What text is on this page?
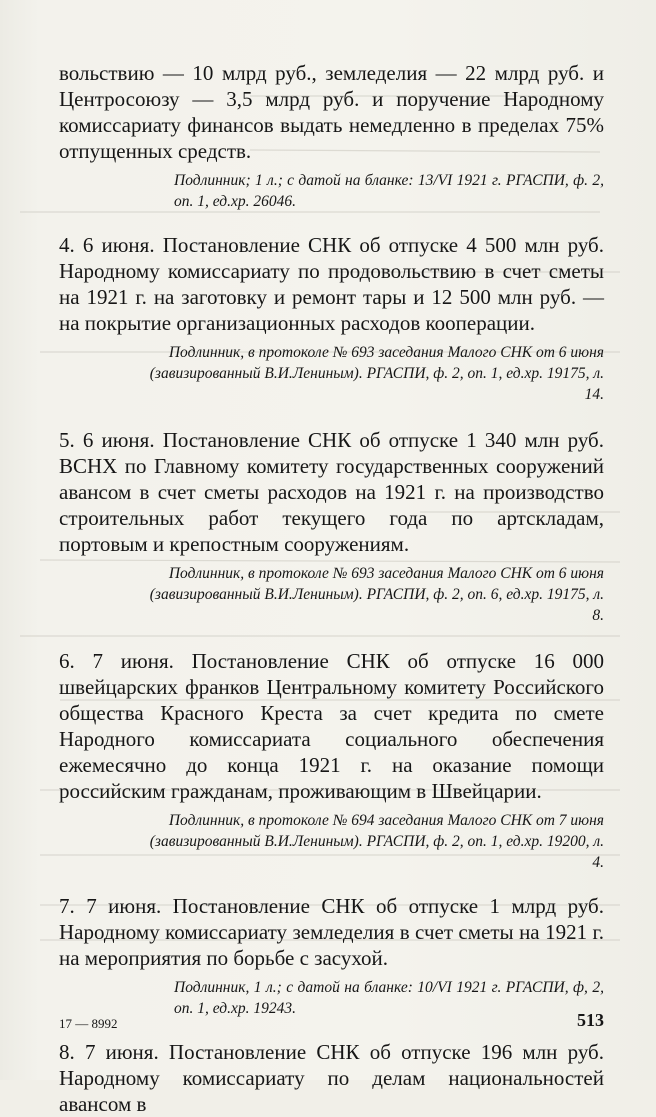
вольствию — 10 млрд руб., земледелия — 22 млрд руб. и Центросоюзу — 3,5 млрд руб. и поручение Народному комиссариату финансов выдать немедленно в пределах 75% отпущенных средств.

Подлинник; 1 л.; с датой на бланке: 13/VI 1921 г. РГАСПИ, ф. 2, оп. 1, ед.хр. 26046.

4. 6 июня. Постановление СНК об отпуске 4 500 млн руб. Народному комиссариату по продовольствию в счет сметы на 1921 г. на заготовку и ремонт тары и 12 500 млн руб. — на покрытие организационных расходов кооперации.

Подлинник, в протоколе № 693 заседания Малого СНК от 6 июня (завизированный В.И.Лениным). РГАСПИ, ф. 2, оп. 1, ед.хр. 19175, л. 14.

5. 6 июня. Постановление СНК об отпуске 1 340 млн руб. ВСНХ по Главному комитету государственных сооружений авансом в счет сметы расходов на 1921 г. на производство строительных работ текущего года по артскладам, портовым и крепостным сооружениям.

Подлинник, в протоколе № 693 заседания Малого СНК от 6 июня (завизированный В.И.Лениным). РГАСПИ, ф. 2, оп. 6, ед.хр. 19175, л. 8.

6. 7 июня. Постановление СНК об отпуске 16 000 швейцарских франков Центральному комитету Российского общества Красного Креста за счет кредита по смете Народного комиссариата социального обеспечения ежемесячно до конца 1921 г. на оказание помощи российским гражданам, проживающим в Швейцарии.

Подлинник, в протоколе № 694 заседания Малого СНК от 7 июня (завизированный В.И.Лениным). РГАСПИ, ф. 2, оп. 1, ед.хр. 19200, л. 4.

7. 7 июня. Постановление СНК об отпуске 1 млрд руб. Народному комиссариату земледелия в счет сметы на 1921 г. на мероприятия по борьбе с засухой.

Подлинник, 1 л.; с датой на бланке: 10/VI 1921 г. РГАСПИ, ф, 2, оп. 1, ед.хр. 19243.

8. 7 июня. Постановление СНК об отпуске 196 млн руб. Народному комиссариату по делам национальностей авансом в

17 — 8992	513
